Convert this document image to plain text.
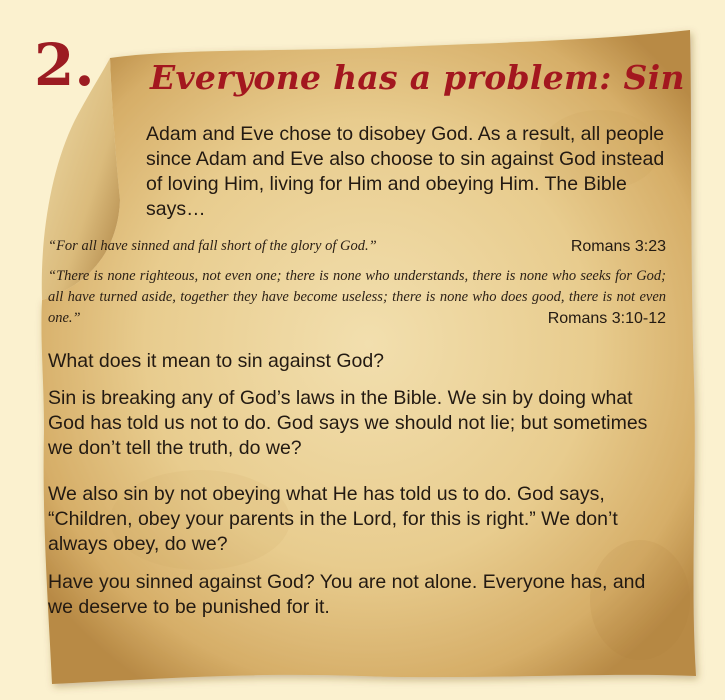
2. Everyone has a problem: Sin

Adam and Eve chose to disobey God. As a result, all people since Adam and Eve also choose to sin against God instead of loving Him, living for Him and obeying Him. The Bible says…

“For all have sinned and fall short of the glory of God.”	Romans 3:23
“There is none righteous, not even one; there is none who understands, there is none who seeks for God; all have turned aside, together they have become useless; there is none who does good, there is not even one.”	Romans 3:10-12

What does it mean to sin against God?

Sin is breaking any of God’s laws in the Bible. We sin by doing what God has told us not to do. God says we should not lie; but sometimes we don’t tell the truth, do we?

We also sin by not obeying what He has told us to do. God says, “Children, obey your parents in the Lord, for this is right.” We don’t always obey, do we?

Have you sinned against God? You are not alone. Everyone has, and we deserve to be punished for it.
